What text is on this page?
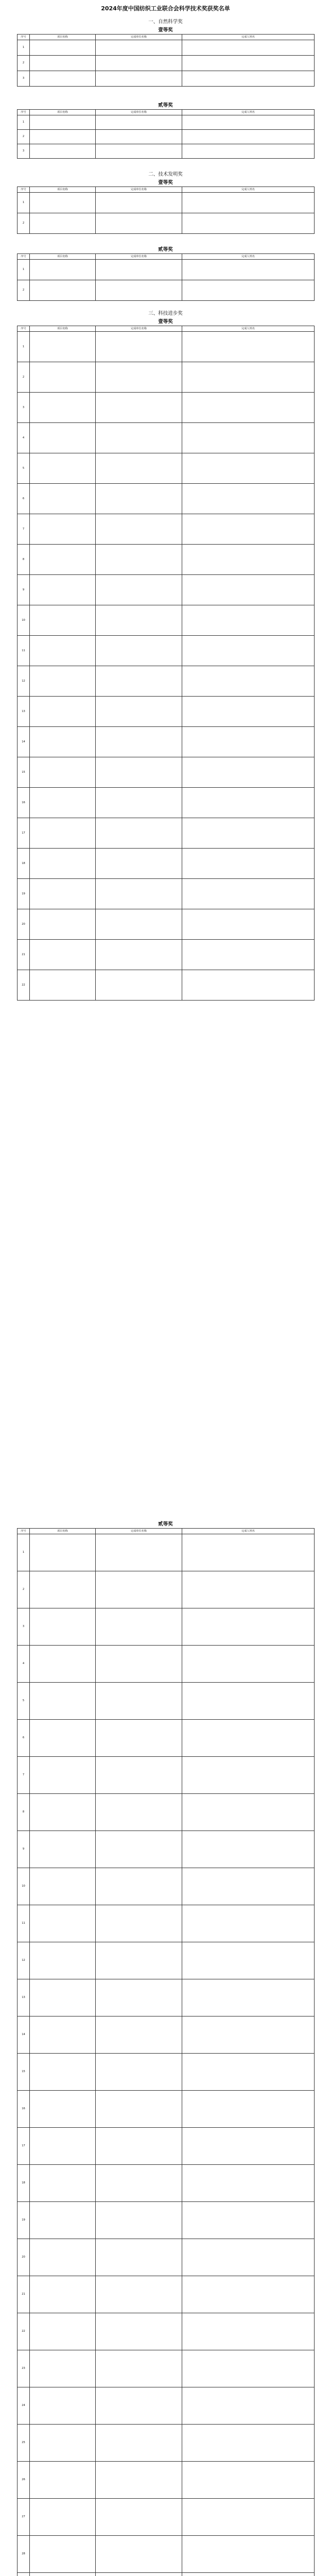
2024年度中国纺织工业联合会科学技术奖获奖名单
一、自然科学奖
壹等奖
序号	项目名称	完成单位名称	完成人姓名
1			
2			
3			
贰等奖
序号	项目名称	完成单位名称	完成人姓名
1			
2			
3			
二、技术发明奖
壹等奖
序号	项目名称	完成单位名称	完成人姓名
1			
2			
贰等奖
序号	项目名称	完成单位名称	完成人姓名
1			
2			
三、科技进步奖
壹等奖
序号	项目名称	完成单位名称	完成人姓名
1			
2			
3			
4			
5			
6			
7			
8			
9			
10			
11			
12			
13			
14			
15			
16			
17			
18			
19			
20			
21			
22			
贰等奖
序号	项目名称	完成单位名称	完成人姓名
1			
2			
3			
4			
5			
6			
7			
8			
9			
10			
11			
12			
13			
14			
15			
16			
17			
18			
19			
20			
21			
22			
23			
24			
25			
26			
27			
28			
